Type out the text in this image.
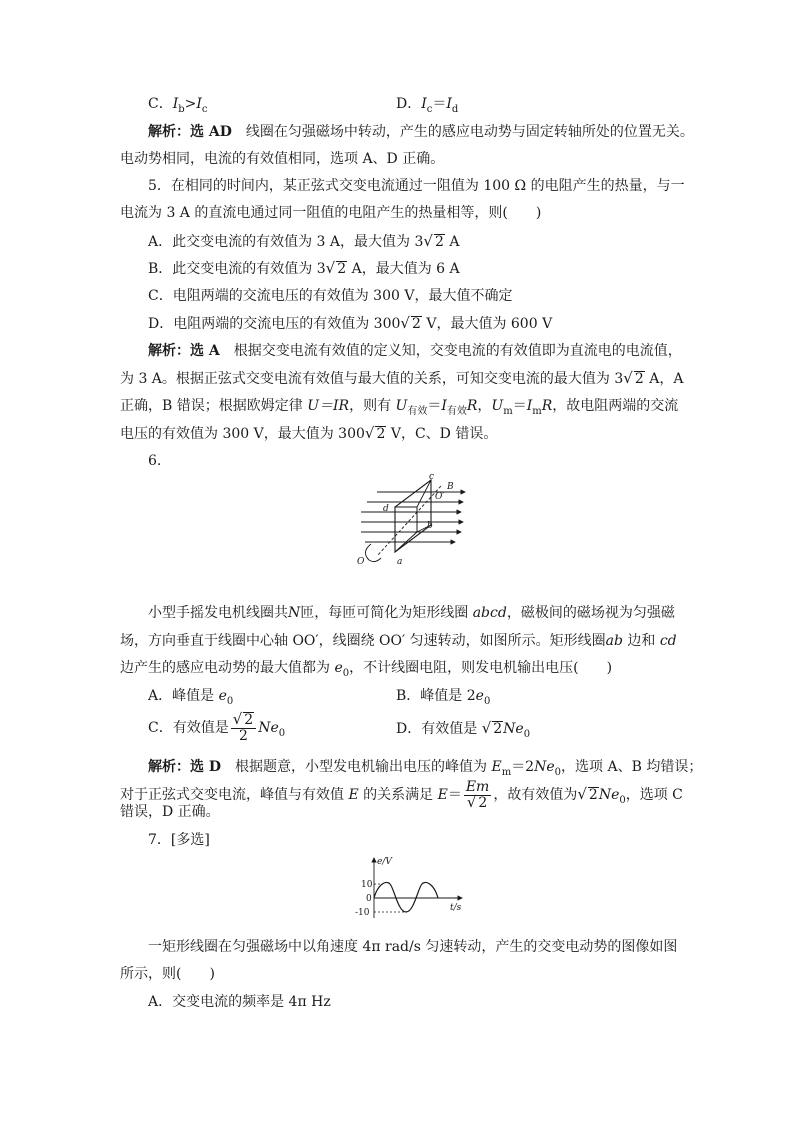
C．$I_b>I_c$	D．$I_c=I_d$
解析：选 AD　线圈在匀强磁场中转动，产生的感应电动势与固定转轴所处的位置无关。
电动势相同，电流的有效值相同，选项 A、D 正确。
5．在相同的时间内，某正弦式交变电流通过一阻值为 100 Ω 的电阻产生的热量，与一
电流为 3 A 的直流电通过同一阻值的电阻产生的热量相等，则(　　)
A．此交变电流的有效值为 3 A，最大值为 3√ 2 A
B．此交变电流的有效值为 3√ 2 A，最大值为 6 A
C．电阻两端的交流电压的有效值为 300 V，最大值不确定
D．电阻两端的交流电压的有效值为 300√ 2 V，最大值为 600 V
解析：选 A　根据交变电流有效值的定义知，交变电流的有效值即为直流电的电流值，
为 3 A。根据正弦式交变电流有效值与最大值的关系，可知交变电流的最大值为 3√ 2 A，A
正确，B 错误；根据欧姆定律 U＝IR，则有 $U_{有效}=I_{有效}R$，$U_m=I_mR$，故电阻两端的交流
电压的有效值为 300 V，最大值为 300√ 2 V，C、D 错误。
6.
c
B
O′
d
b
O	a
小型手摇发电机线圈共N匝，每匝可简化为矩形线圈 abcd，磁极间的磁场视为匀强磁
场，方向垂直于线圈中心轴 OO′，线圈绕 OO′ 匀速转动，如图所示。矩形线圈ab 边和 cd
边产生的感应电动势的最大值都为 $e_0$，不计线圈电阻，则发电机输出电压(　　)
A．峰值是 $e_0$	B．峰值是 $2e_0$
C．有效值是 $\frac{√ 2}{2} Ne_0$	D．有效值是 √ $2Ne_0$
解析：选 D　根据题意，小型发电机输出电压的峰值为 $E_m=2Ne_0$，选项 A、B 均错误；
对于正弦式交变电流，峰值与有效值 E 的关系满足 $E= \frac{Em}{√ 2}$ ，故有效值为√ $2Ne_0$，选项 C
错误，D 正确。
7．[多选]
e/V
t/s
10
0
-10
一矩形线圈在匀强磁场中以角速度 4π rad/s 匀速转动，产生的交变电动势的图像如图
所示，则(　　)
A．交变电流的频率是 4π Hz
